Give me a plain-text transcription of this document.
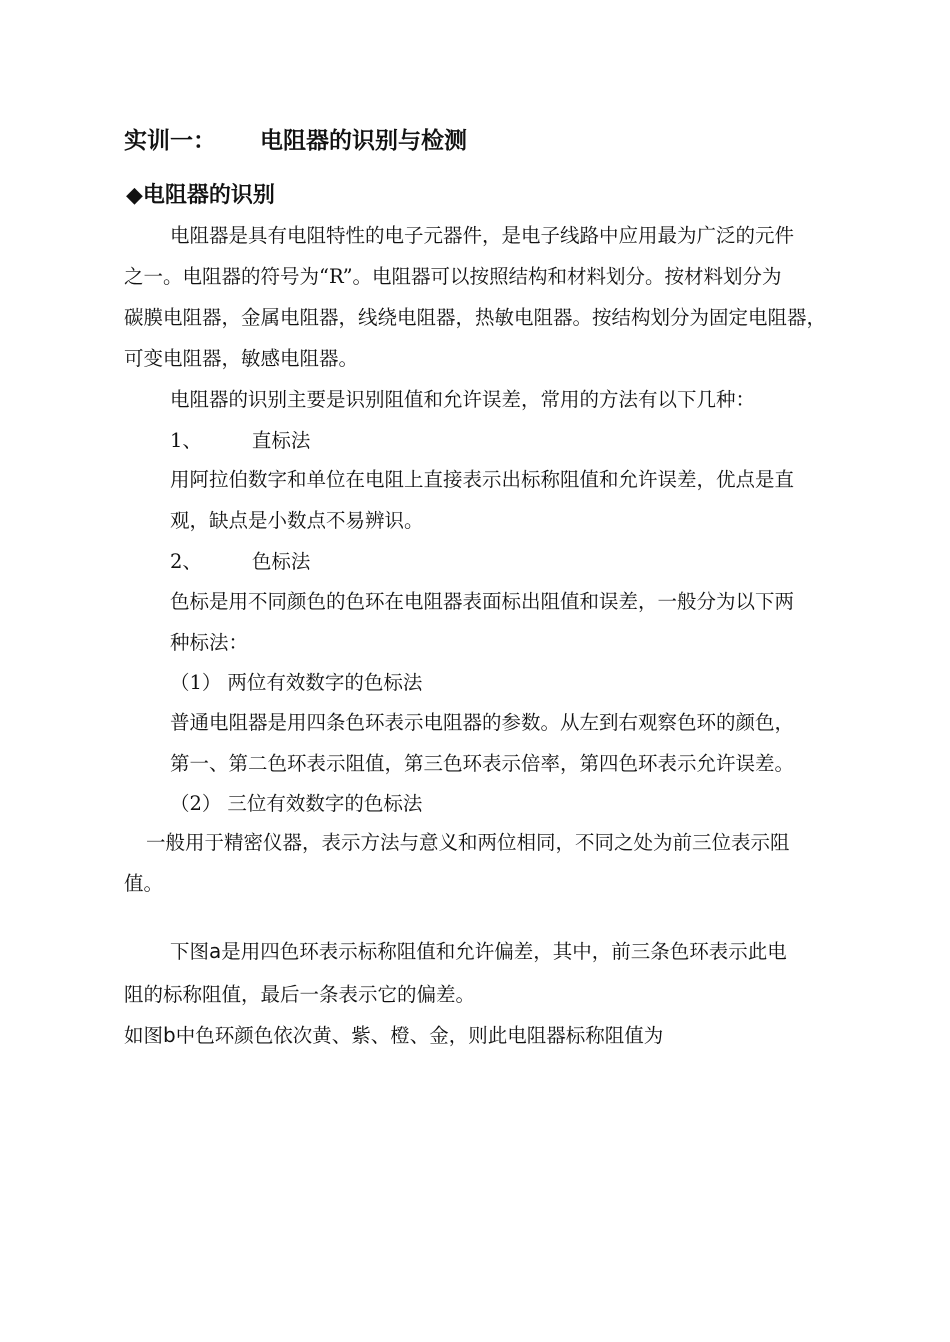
实训一： 电阻器的识别与检测
◆电阻器的识别
电阻器是具有电阻特性的电子元器件，是电子线路中应用最为广泛的元件
之一。电阻器的符号为“R”。电阻器可以按照结构和材料划分。按材料划分为
碳膜电阻器，金属电阻器，线绕电阻器，热敏电阻器。按结构划分为固定电阻器，
可变电阻器，敏感电阻器。
电阻器的识别主要是识别阻值和允许误差，常用的方法有以下几种：
1、	直标法
用阿拉伯数字和单位在电阻上直接表示出标称阻值和允许误差，优点是直
观，缺点是小数点不易辨识。
2、	色标法
色标是用不同颜色的色环在电阻器表面标出阻值和误差，一般分为以下两
种标法：
（1） 两位有效数字的色标法
普通电阻器是用四条色环表示电阻器的参数。从左到右观察色环的颜色，
第一、第二色环表示阻值，第三色环表示倍率，第四色环表示允许误差。
（2） 三位有效数字的色标法
一般用于精密仪器，表示方法与意义和两位相同，不同之处为前三位表示阻
值。
下图a是用四色环表示标称阻值和允许偏差，其中，前三条色环表示此电
阻的标称阻值，最后一条表示它的偏差。
如图b中色环颜色依次黄、紫、橙、金，则此电阻器标称阻值为
